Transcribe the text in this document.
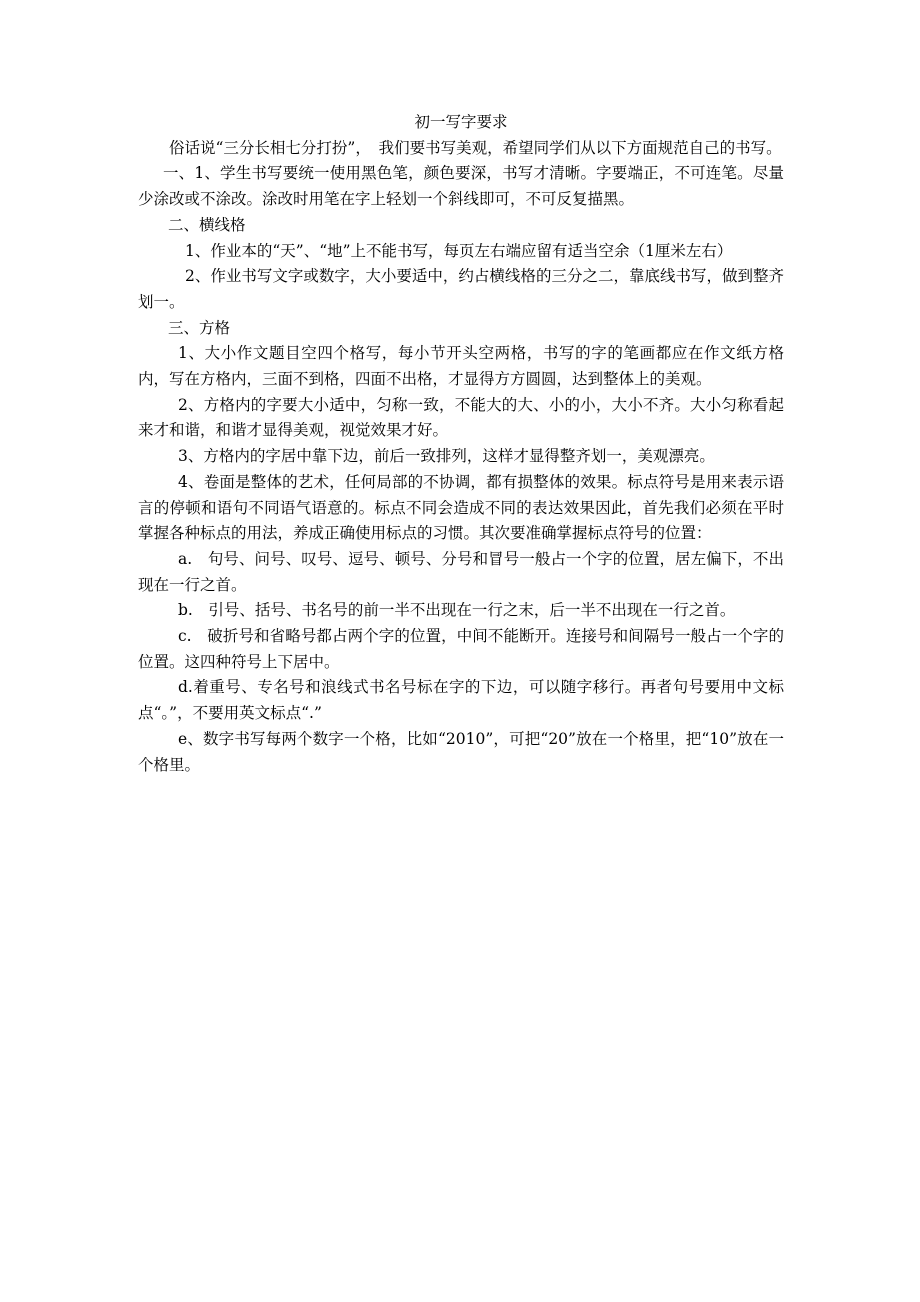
初一写字要求

俗话说“三分长相七分打扮”，　我们要书写美观，希望同学们从以下方面规范自己的书写。

一、1、学生书写要统一使用黑色笔，颜色要深，书写才清晰。字要端正，不可连笔。尽量少涂改或不涂改。涂改时用笔在字上轻划一个斜线即可，不可反复描黑。

二、横线格

1、作业本的“天”、“地”上不能书写，每页左右端应留有适当空余（1厘米左右）

2、作业书写文字或数字，大小要适中，约占横线格的三分之二，靠底线书写，做到整齐划一。

三、方格

1、大小作文题目空四个格写，每小节开头空两格，书写的字的笔画都应在作文纸方格内，写在方格内，三面不到格，四面不出格，才显得方方圆圆，达到整体上的美观。

2、方格内的字要大小适中，匀称一致，不能大的大、小的小，大小不齐。大小匀称看起来才和谐，和谐才显得美观，视觉效果才好。

3、方格内的字居中靠下边，前后一致排列，这样才显得整齐划一，美观漂亮。

4、卷面是整体的艺术，任何局部的不协调，都有损整体的效果。标点符号是用来表示语言的停顿和语句不同语气语意的。标点不同会造成不同的表达效果因此，首先我们必须在平时掌握各种标点的用法，养成正确使用标点的习惯。其次要准确掌握标点符号的位置：

a.　句号、问号、叹号、逗号、顿号、分号和冒号一般占一个字的位置，居左偏下，不出现在一行之首。

b.　引号、括号、书名号的前一半不出现在一行之末，后一半不出现在一行之首。

c.　破折号和省略号都占两个字的位置，中间不能断开。连接号和间隔号一般占一个字的位置。这四种符号上下居中。

d.着重号、专名号和浪线式书名号标在字的下边，可以随字移行。再者句号要用中文标点“。”，不要用英文标点“.”

e、数字书写每两个数字一个格，比如“2010”，可把“20”放在一个格里，把“10”放在一个格里。
